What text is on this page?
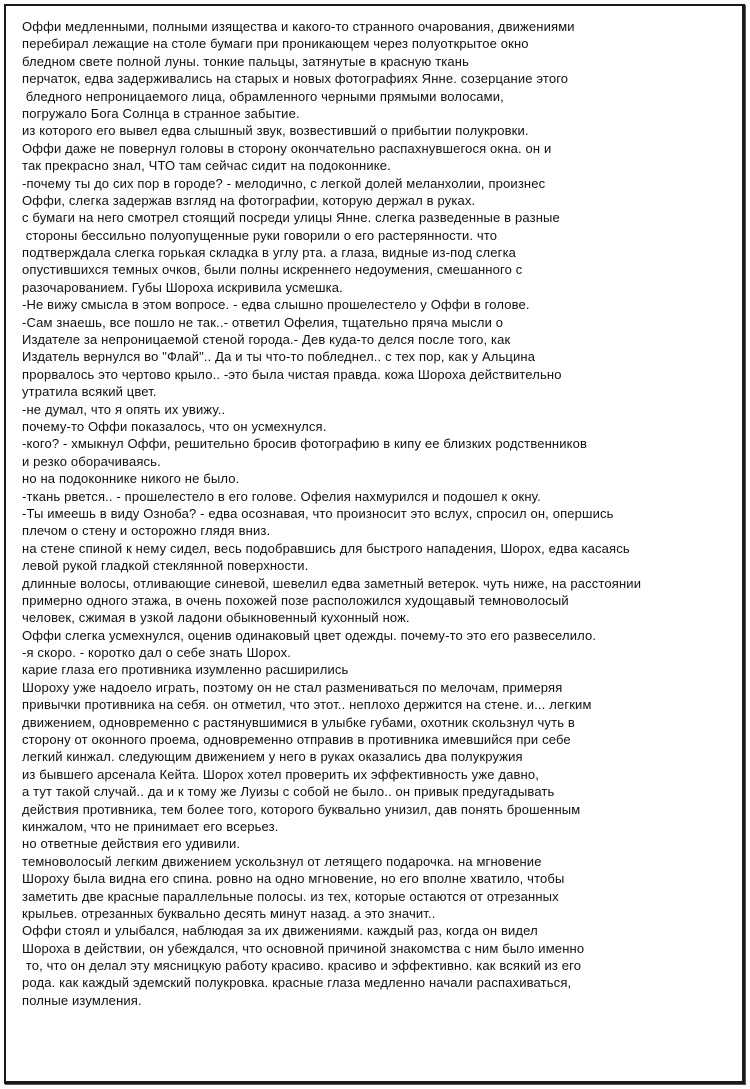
Оффи медленными, полными изящества и какого-то странного очарования, движениями
перебирал лежащие на столе бумаги при проникающем через полуоткрытое окно
бледном свете полной луны. тонкие пальцы, затянутые в красную ткань
перчаток, едва задерживались на старых и новых фотографиях Янне. созерцание этого
бледного непроницаемого лица, обрамленного черными прямыми волосами,
погружало Бога Солнца в странное забытие.
из которого его вывел едва слышный звук, возвестивший о прибытии полукровки.
Оффи даже не повернул головы в сторону окончательно распахнувшегося окна. он и
так прекрасно знал, ЧТО там сейчас сидит на подоконнике.
-почему ты до сих пор в городе? - мелодично, с легкой долей меланхолии, произнес
Оффи, слегка задержав взгляд на фотографии, которую держал в руках.
с бумаги на него смотрел стоящий посреди улицы Янне. слегка разведенные в разные
стороны бессильно полуопущенные руки говорили о его растерянности. что
подтверждала слегка горькая складка в углу рта. а глаза, видные из-под слегка
опустившихся темных очков, были полны искреннего недоумения, смешанного с
разочарованием. Губы Шороха искривила усмешка.
-Не вижу смысла в этом вопросе. - едва слышно прошелестело у Оффи в голове.
-Сам знаешь, все пошло не так..- ответил Офелия, тщательно пряча мысли о
Издателе за непроницаемой стеной города.- Дев куда-то делся после того, как
Издатель вернулся во "Флай".. Да и ты что-то побледнел.. с тех пор, как у Альцина
прорвалось это чертово крыло.. -это была чистая правда. кожа Шороха действительно
утратила всякий цвет.
-не думал, что я опять их увижу..
почему-то Оффи показалось, что он усмехнулся.
-кого? - хмыкнул Оффи, решительно бросив фотографию в кипу ее близких родственников
и резко оборачиваясь.
но на подоконнике никого не было.
-ткань рвется.. - прошелестело в его голове. Офелия нахмурился и подошел к окну.
-Ты имеешь в виду Озноба? - едва осознавая, что произносит это вслух, спросил он, опершись
плечом о стену и осторожно глядя вниз.
на стене спиной к нему сидел, весь подобравшись для быстрого нападения, Шорох, едва касаясь
левой рукой гладкой стеклянной поверхности.
длинные волосы, отливающие синевой, шевелил едва заметный ветерок. чуть ниже, на расстоянии
примерно одного этажа, в очень похожей позе расположился худощавый темноволосый
человек, сжимая в узкой ладони обыкновенный кухонный нож.
Оффи слегка усмехнулся, оценив одинаковый цвет одежды. почему-то это его развеселило.
-я скоро. - коротко дал о себе знать Шорох.
карие глаза его противника изумленно расширились
Шороху уже надоело играть, поэтому он не стал размениваться по мелочам, примеряя
привычки противника на себя. он отметил, что этот.. неплохо держится на стене. и... легким
движением, одновременно с растянувшимися в улыбке губами, охотник скользнул чуть в
сторону от оконного проема, одновременно отправив в противника имевшийся при себе
легкий кинжал. следующим движением у него в руках оказались два полукружия
из бывшего арсенала Кейта. Шорох хотел проверить их эффективность уже давно,
а тут такой случай.. да и к тому же Луизы с собой не было.. он привык предугадывать
действия противника, тем более того, которого буквально унизил, дав понять брошенным
кинжалом, что не принимает его всерьез.
но ответные действия его удивили.
темноволосый легким движением ускользнул от летящего подарочка. на мгновение
Шороху была видна его спина. ровно на одно мгновение, но его вполне хватило, чтобы
заметить две красные параллельные полосы. из тех, которые остаются от отрезанных
крыльев. отрезанных буквально десять минут назад. а это значит..
Оффи стоял и улыбался, наблюдая за их движениями. каждый раз, когда он видел
Шороха в действии, он убеждался, что основной причиной знакомства с ним было именно
то, что он делал эту мясницкую работу красиво. красиво и эффективно. как всякий из его
рода. как каждый эдемский полукровка. красные глаза медленно начали распахиваться,
полные изумления.
